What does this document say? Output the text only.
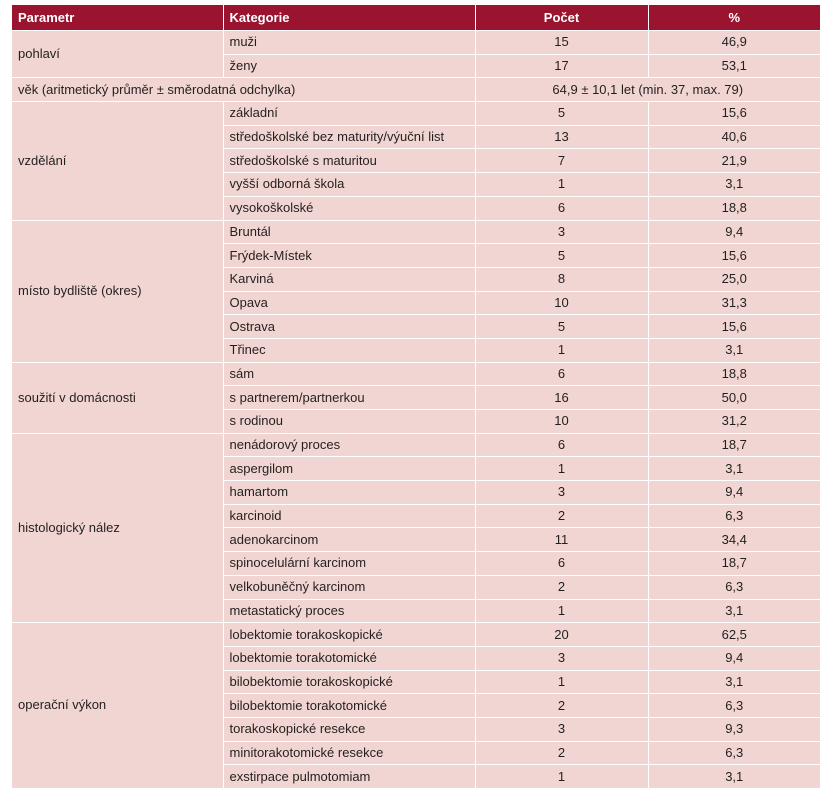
Parametr	Kategorie	Počet	%
pohlaví	muži	15	46,9
	ženy	17	53,1
věk (aritmetický průměr ± směrodatná odchylka)		64,9 ± 10,1 let (min. 37, max. 79)	
vzdělání	základní	5	15,6
	středoškolské bez maturity/výuční list	13	40,6
	středoškolské s maturitou	7	21,9
	vyšší odborná škola	1	3,1
	vysokoškolské	6	18,8
místo bydliště (okres)	Bruntál	3	9,4
	Frýdek-Místek	5	15,6
	Karviná	8	25,0
	Opava	10	31,3
	Ostrava	5	15,6
	Třinec	1	3,1
soužití v domácnosti	sám	6	18,8
	s partnerem/partnerkou	16	50,0
	s rodinou	10	31,2
histologický nález	nenádorový proces	6	18,7
	aspergilom	1	3,1
	hamartom	3	9,4
	karcinoid	2	6,3
	adenokarcinom	11	34,4
	spinocelulární karcinom	6	18,7
	velkobuněčný karcinom	2	6,3
	metastatický proces	1	3,1
operační výkon	lobektomie torakoskopické	20	62,5
	lobektomie torakotomické	3	9,4
	bilobektomie torakoskopické	1	3,1
	bilobektomie torakotomické	2	6,3
	torakoskopické resekce	3	9,3
	minitorakotomické resekce	2	6,3
	exstirpace pulmotomiam	1	3,1
